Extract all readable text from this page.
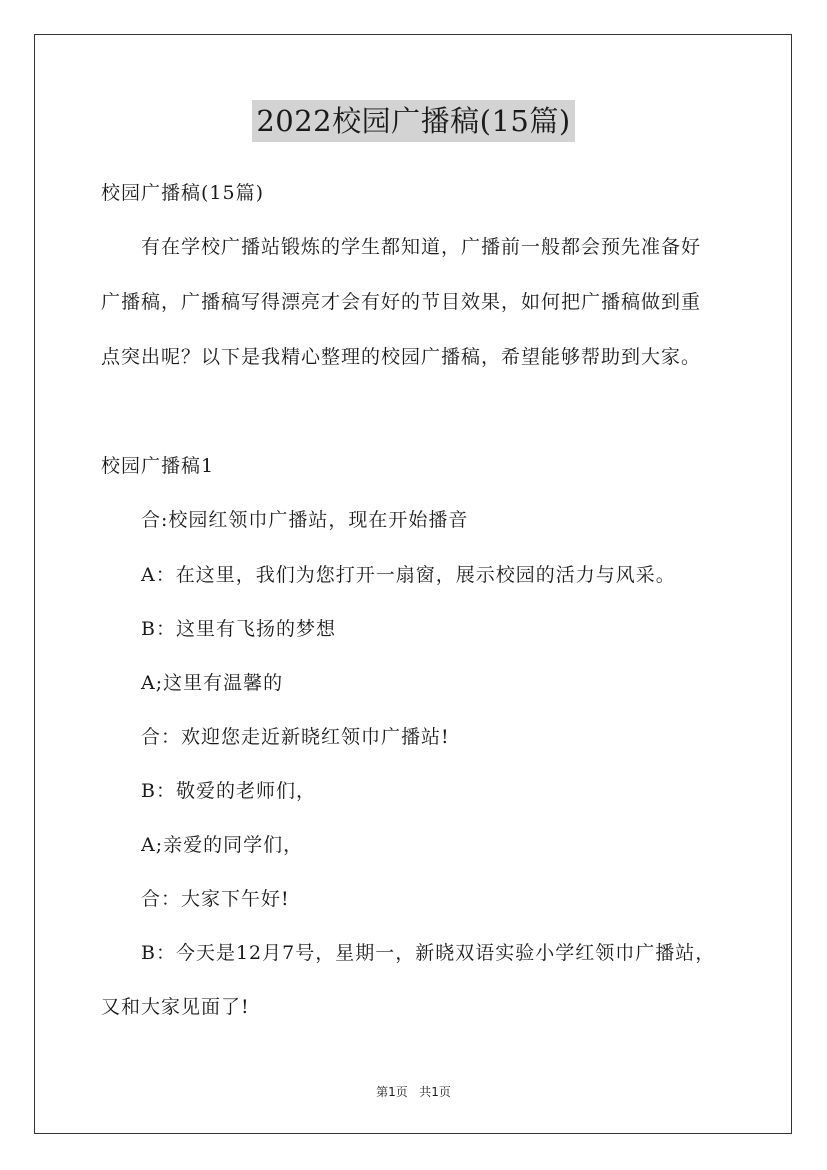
2022校园广播稿(15篇)
校园广播稿(15篇)
有在学校广播站锻炼的学生都知道，广播前一般都会预先准备好
广播稿，广播稿写得漂亮才会有好的节目效果，如何把广播稿做到重
点突出呢？以下是我精心整理的校园广播稿，希望能够帮助到大家。
校园广播稿1
合:校园红领巾广播站，现在开始播音
A：在这里，我们为您打开一扇窗，展示校园的活力与风采。
B：这里有飞扬的梦想
A;这里有温馨的
合：欢迎您走近新晓红领巾广播站!
B：敬爱的老师们，
A;亲爱的同学们，
合：大家下午好!
B：今天是12月7号，星期一，新晓双语实验小学红领巾广播站，
又和大家见面了!
第1页 共1页
